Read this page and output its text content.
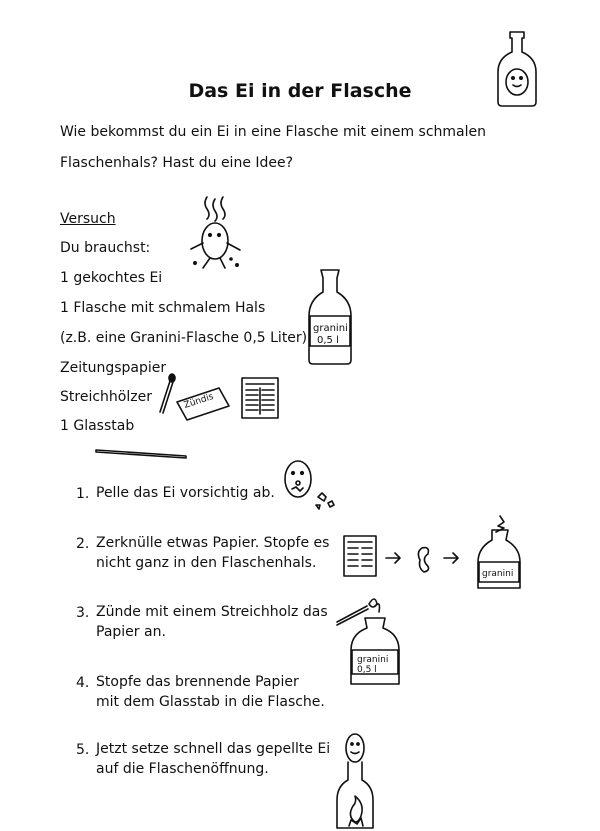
Das Ei in der Flasche
Wie bekommst du ein Ei in eine Flasche mit einem schmalen
Flaschenhals? Hast du eine Idee?
Versuch
Du brauchst:
1 gekochtes Ei
1 Flasche mit schmalem Hals
(z.B. eine Granini-Flasche 0,5 Liter)
Zeitungspapier
Streichhölzer
1 Glasstab
1. Pelle das Ei vorsichtig ab.
2. Zerknülle etwas Papier. Stopfe es
nicht ganz in den Flaschenhals.
3. Zünde mit einem Streichholz das
Papier an.
4. Stopfe das brennende Papier
mit dem Glasstab in die Flasche.
5. Jetzt setze schnell das gepellte Ei
auf die Flaschenöffnung.
granini
0,5 l
Zündis
granini
granini
0,5 l
